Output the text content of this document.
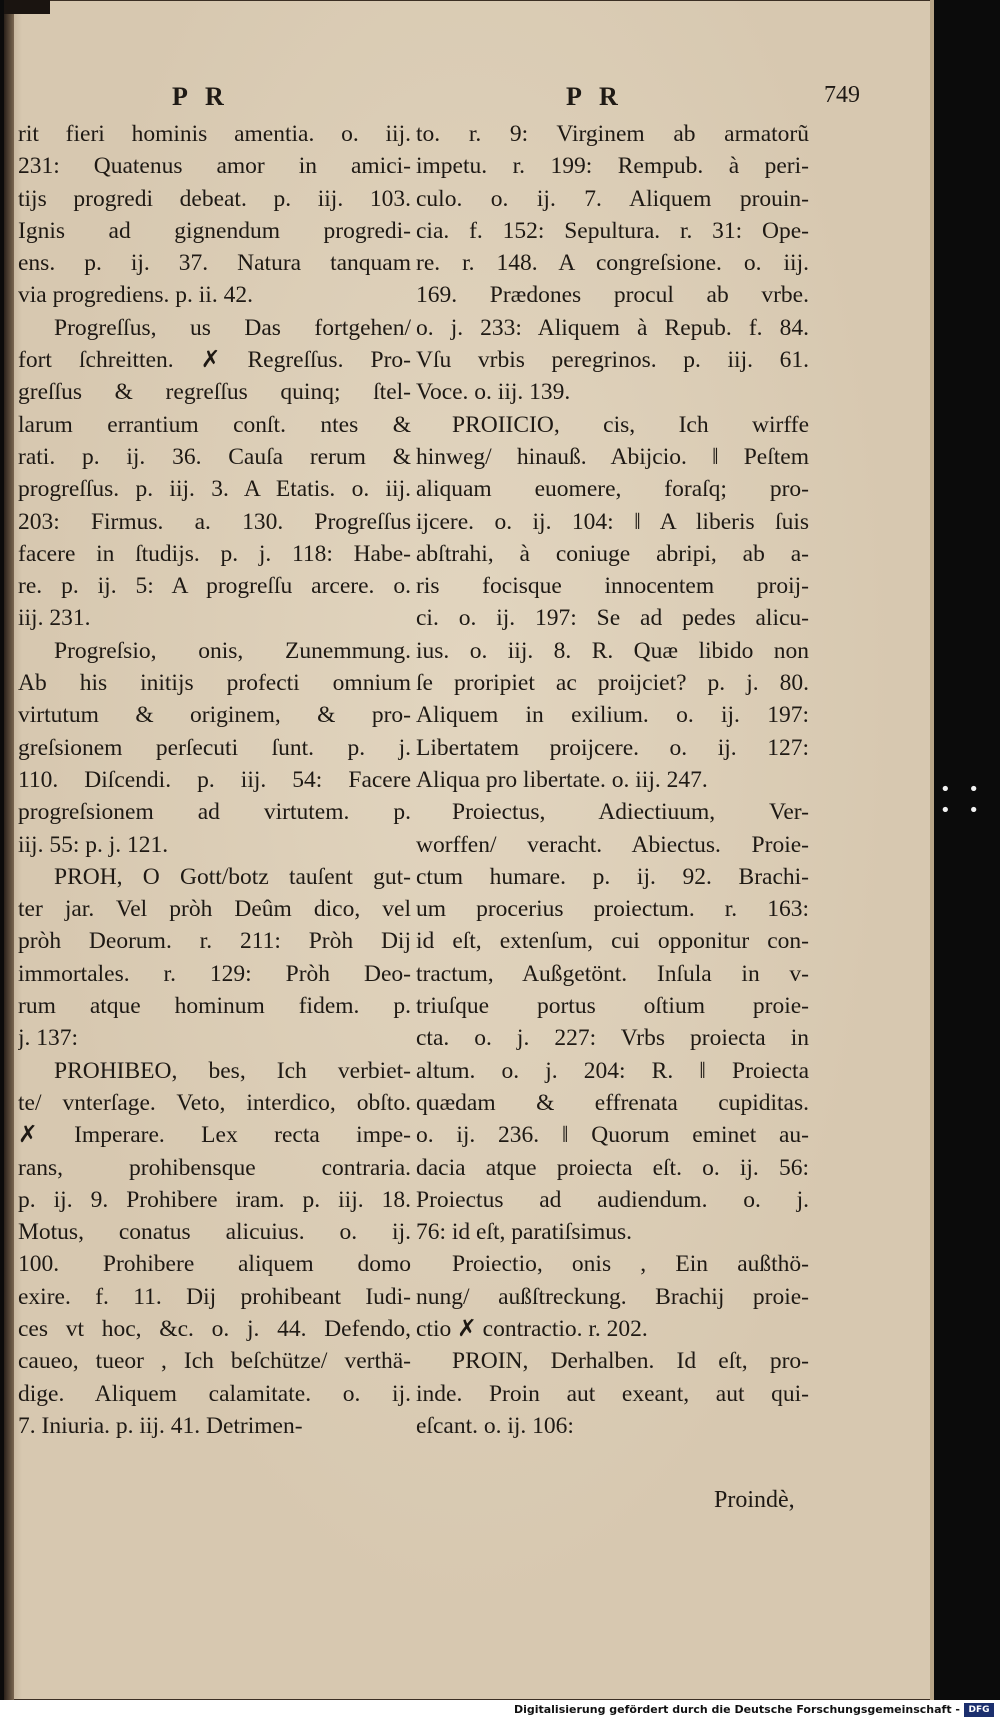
P R	P R	749
rit fieri hominis amentia. o. iij.
231: Quatenus amor in amici-
tijs progredi debeat. p. iij. 103.
Ignis ad gignendum progredi-
ens. p. ij. 37. Natura tanquam
via progrediens. p. ii. 42.
Progreſſus, us Das fortgehen/
fort ſchreitten. ✗ Regreſſus. Pro-
greſſus & regreſſus quinq; ſtel-
larum errantium conſt. ntes &
rati. p. ij. 36. Cauſa rerum &
progreſſus. p. iij. 3. A Etatis. o. iij.
203: Firmus. a. 130. Progreſſus
facere in ſtudijs. p. j. 118: Habe-
re. p. ij. 5: A progreſſu arcere. o.
iij. 231.
Progreſsio, onis, Zunemmung.
Ab his initijs profecti omnium
virtutum & originem, & pro-
greſsionem perſecuti ſunt. p. j.
110. Diſcendi. p. iij. 54: Facere
progreſsionem ad virtutem. p.
iij. 55: p. j. 121.
PROH, O Gott/botz tauſent gut-
ter jar. Vel pròh Deûm dico, vel
pròh Deorum. r. 211: Pròh Dij
immortales. r. 129: Pròh Deo-
rum atque hominum fidem. p.
j. 137:
PROHIBEO, bes, Ich verbiet-
te/ vnterſage. Veto, interdico, obſto.
✗ Imperare. Lex recta impe-
rans, prohibensque contraria.
p. ij. 9. Prohibere iram. p. iij. 18.
Motus, conatus alicuius. o. ij.
100. Prohibere aliquem domo
exire. f. 11. Dij prohibeant Iudi-
ces vt hoc, &c. o. j. 44. Defendo,
caueo, tueor , Ich beſchütze/ verthä-
dige. Aliquem calamitate. o. ij.
7. Iniuria. p. iij. 41. Detrimen-
to. r. 9: Virginem ab armatorũ
impetu. r. 199: Rempub. à peri-
culo. o. ij. 7. Aliquem prouin-
cia. f. 152: Sepultura. r. 31: Ope-
re. r. 148. A congreſsione. o. iij.
169. Prædones procul ab vrbe.
o. j. 233: Aliquem à Repub. f. 84.
Vſu vrbis peregrinos. p. iij. 61.
Voce. o. iij. 139.
PROIICIO, cis, Ich wirffe
hinweg/ hinauß. Abijcio. ‖ Peſtem
aliquam euomere, foraſq; pro-
ijcere. o. ij. 104: ‖ A liberis ſuis
abſtrahi, à coniuge abripi, ab a-
ris focisque innocentem proij-
ci. o. ij. 197: Se ad pedes alicu-
ius. o. iij. 8. R. Quæ libido non
ſe proripiet ac proijciet? p. j. 80.
Aliquem in exilium. o. ij. 197:
Libertatem proijcere. o. ij. 127:
Aliqua pro libertate. o. iij. 247.
Proiectus, Adiectiuum, Ver-
worffen/ veracht. Abiectus. Proie-
ctum humare. p. ij. 92. Brachi-
um procerius proiectum. r. 163:
id eſt, extenſum, cui opponitur con-
tractum, Außgetönt. Inſula in v-
triuſque portus oſtium proie-
cta. o. j. 227: Vrbs proiecta in
altum. o. j. 204: R. ‖ Proiecta
quædam & effrenata cupiditas.
o. ij. 236. ‖ Quorum eminet au-
dacia atque proiecta eſt. o. ij. 56:
Proiectus ad audiendum. o. j.
76: id eſt, paratiſsimus.
Proiectio, onis , Ein außthö-
nung/ außſtreckung. Brachij proie-
ctio ✗ contractio. r. 202.
PROIN, Derhalben. Id eſt, pro-
inde. Proin aut exeant, aut qui-
eſcant. o. ij. 106:
Proindè,
• • • •
Digitalisierung gefördert durch die Deutsche Forschungsgemeinschaft - DFG
